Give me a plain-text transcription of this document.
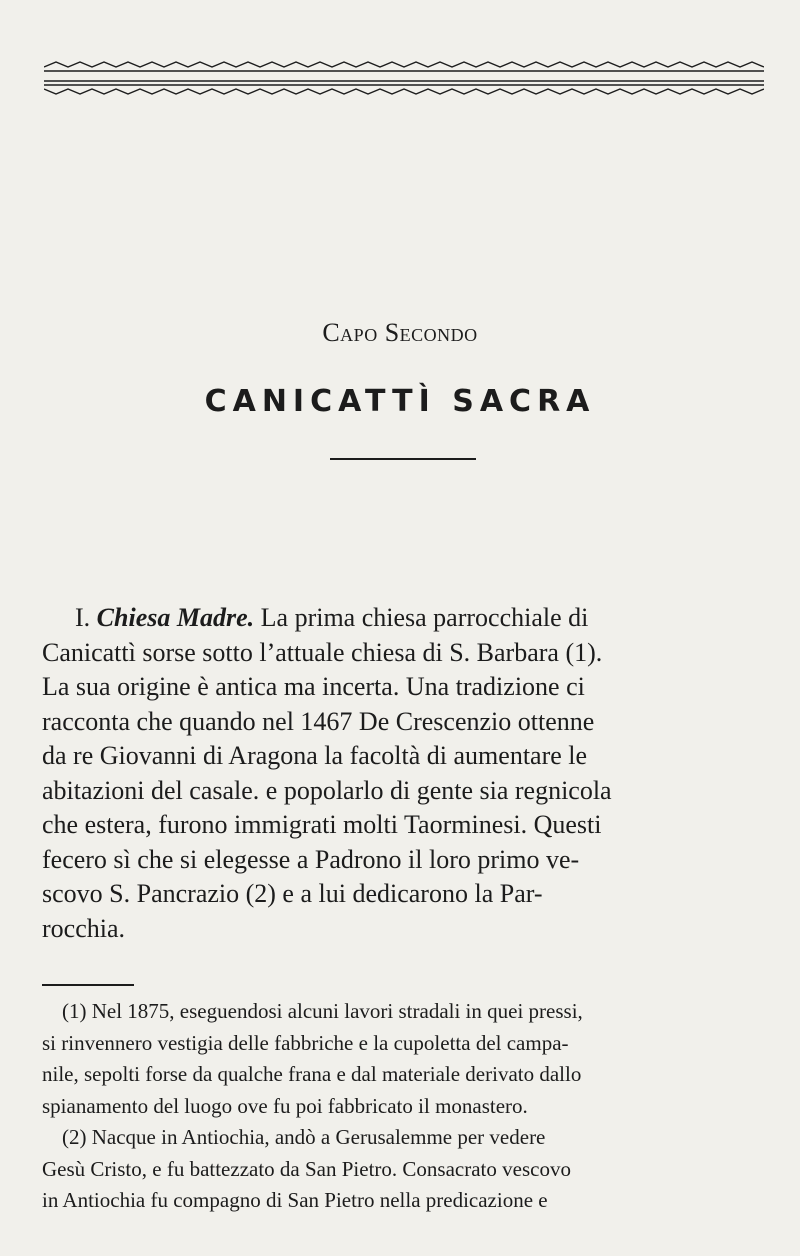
Capo Secondo
CANICATTÌ SACRA
I. Chiesa Madre. La prima chiesa parrocchiale di
Canicattì sorse sotto l’attuale chiesa di S. Barbara (1).
La sua origine è antica ma incerta. Una tradizione ci
racconta che quando nel 1467 De Crescenzio ottenne
da re Giovanni di Aragona la facoltà di aumentare le
abitazioni del casale. e popolarlo di gente sia regnicola
che estera, furono immigrati molti Taorminesi. Questi
fecero sì che si elegesse a Padrono il loro primo ve-
scovo S. Pancrazio (2) e a lui dedicarono la Par-
rocchia.
(1) Nel 1875, eseguendosi alcuni lavori stradali in quei pressi,
si rinvennero vestigia delle fabbriche e la cupoletta del campa-
nile, sepolti forse da qualche frana e dal materiale derivato dallo
spianamento del luogo ove fu poi fabbricato il monastero.
(2) Nacque in Antiochia, andò a Gerusalemme per vedere
Gesù Cristo, e fu battezzato da San Pietro. Consacrato vescovo
in Antiochia fu compagno di San Pietro nella predicazione e
